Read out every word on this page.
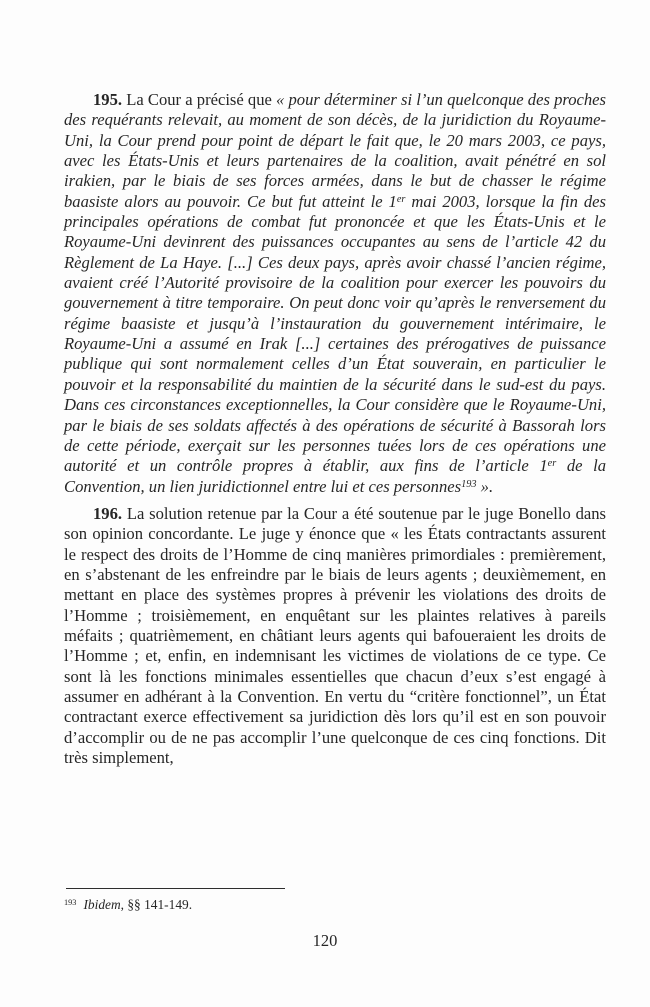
195. La Cour a précisé que « pour déterminer si l’un quelconque des proches des requérants relevait, au moment de son décès, de la juridiction du Royaume-Uni, la Cour prend pour point de départ le fait que, le 20 mars 2003, ce pays, avec les États-Unis et leurs partenaires de la coalition, avait pénétré en sol irakien, par le biais de ses forces armées, dans le but de chasser le régime baasiste alors au pouvoir. Ce but fut atteint le 1er mai 2003, lorsque la fin des principales opérations de combat fut prononcée et que les États-Unis et le Royaume-Uni devinrent des puissances occupantes au sens de l’article 42 du Règlement de La Haye. [...] Ces deux pays, après avoir chassé l’ancien régime, avaient créé l’Autorité provisoire de la coalition pour exercer les pouvoirs du gouvernement à titre temporaire. On peut donc voir qu’après le renversement du régime baasiste et jusqu’à l’instauration du gouvernement intérimaire, le Royaume-Uni a assumé en Irak [...] certaines des prérogatives de puissance publique qui sont normalement celles d’un État souverain, en particulier le pouvoir et la responsabilité du maintien de la sécurité dans le sud-est du pays. Dans ces circonstances exceptionnelles, la Cour considère que le Royaume-Uni, par le biais de ses soldats affectés à des opérations de sécurité à Bassorah lors de cette période, exerçait sur les personnes tuées lors de ces opérations une autorité et un contrôle propres à établir, aux fins de l’article 1er de la Convention, un lien juridictionnel entre lui et ces personnes$^{193}$ ».

196. La solution retenue par la Cour a été soutenue par le juge Bonello dans son opinion concordante. Le juge y énonce que « les États contractants assurent le respect des droits de l’Homme de cinq manières primordiales : premièrement, en s’abstenant de les enfreindre par le biais de leurs agents ; deuxièmement, en mettant en place des systèmes propres à prévenir les violations des droits de l’Homme ; troisièmement, en enquêtant sur les plaintes relatives à pareils méfaits ; quatrièmement, en châtiant leurs agents qui bafoueraient les droits de l’Homme ; et, enfin, en indemnisant les victimes de violations de ce type. Ce sont là les fonctions minimales essentielles que chacun d’eux s’est engagé à assumer en adhérant à la Convention. En vertu du “critère fonctionnel”, un État contractant exerce effectivement sa juridiction dès lors qu’il est en son pouvoir d’accomplir ou de ne pas accomplir l’une quelconque de ces cinq fonctions. Dit très simplement,

$^{193}$ Ibidem, §§ 141-149.
120
